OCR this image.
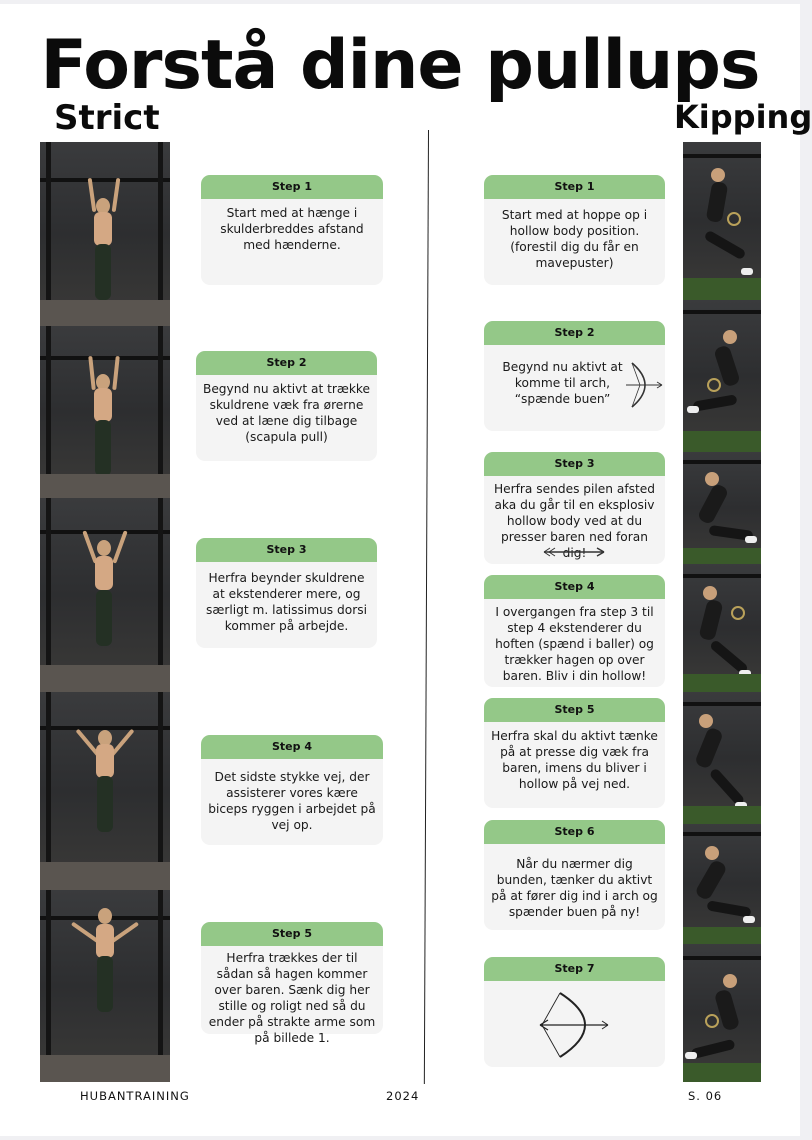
Forstå dine pullups
Strict	Kipping
Step 1
Start med at hænge i skulderbreddes afstand med hænderne.
Step 2
Begynd nu aktivt at trække skuldrene væk fra ørerne ved at læne dig tilbage (scapula pull)
Step 3
Herfra beynder skuldrene at ekstenderer mere, og særligt m. latissimus dorsi kommer på arbejde.
Step 4
Det sidste stykke vej, der assisterer vores kære biceps ryggen i arbejdet på vej op.
Step 5
Herfra trækkes der til sådan så hagen kommer over baren. Sænk dig her stille og roligt ned så du ender på strakte arme som på billede 1.
Step 1
Start med at hoppe op i hollow body position. (forestil dig du får en mavepuster)
Step 2
Begynd nu aktivt at komme til arch, “spænde buen”
Step 3
Herfra sendes pilen afsted aka du går til en eksplosiv hollow body ved at du presser baren ned foran dig!
Step 4
I overgangen fra step 3 til step 4 ekstenderer du hoften (spænd i baller) og trækker hagen op over baren. Bliv i din hollow!
Step 5
Herfra skal du aktivt tænke på at presse dig væk fra baren, imens du bliver i hollow på vej ned.
Step 6
Når du nærmer dig bunden, tænker du aktivt på at fører dig ind i arch og spænder buen på ny!
Step 7
HUBANTRAINING	2024	S. 06
